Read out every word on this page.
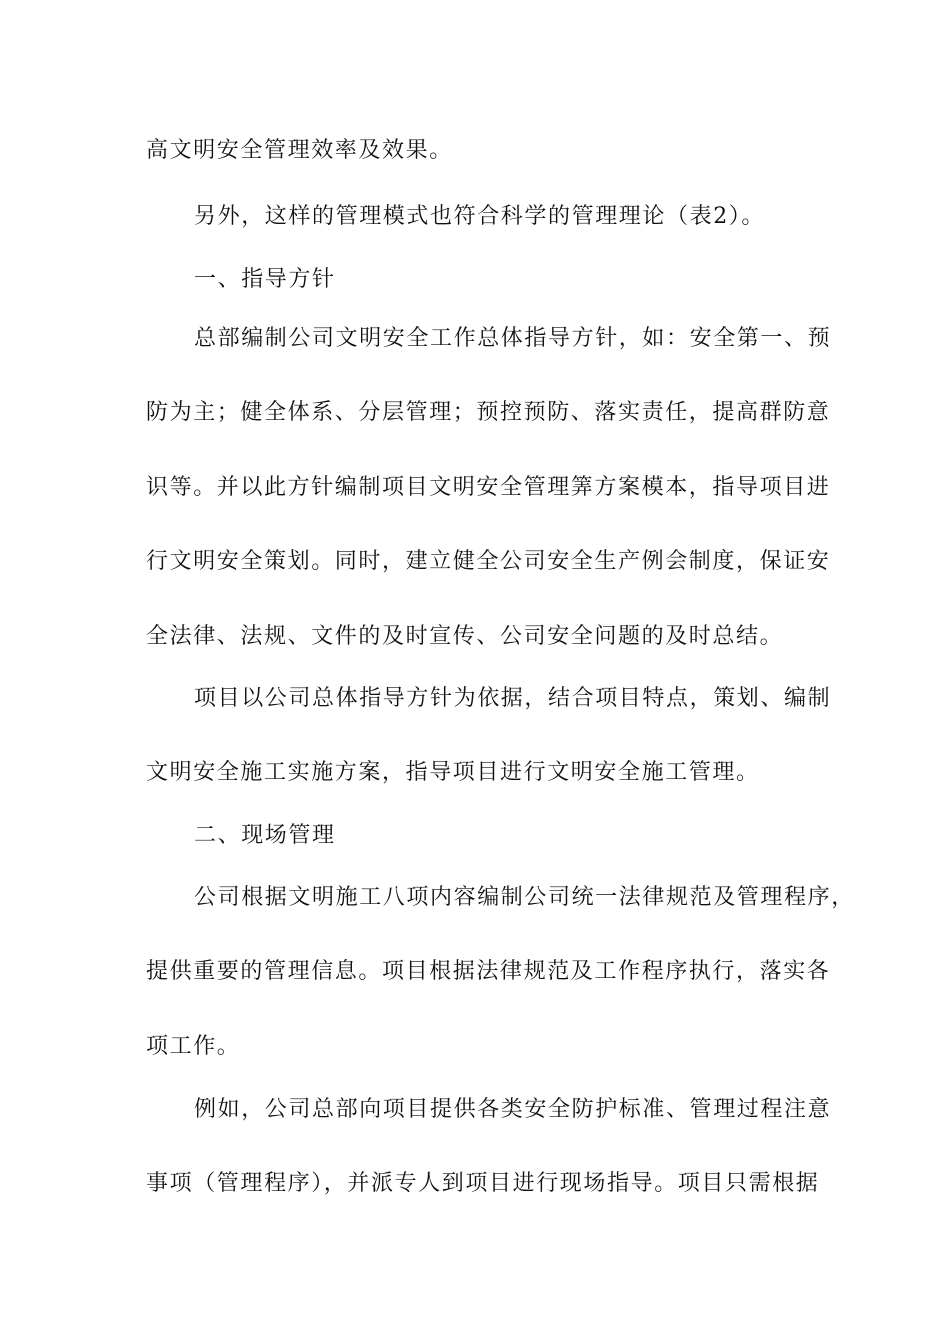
高文明安全管理效率及效果。
另外，这样的管理模式也符合科学的管理理论（表2）。
一、指导方针
总部编制公司文明安全工作总体指导方针，如：安全第一、预
防为主；健全体系、分层管理；预控预防、落实责任，提高群防意
识等。并以此方针编制项目文明安全管理筭方案模本，指导项目进
行文明安全策划。同时，建立健全公司安全生产例会制度，保证安
全法律、法规、文件的及时宣传、公司安全问题的及时总结。
项目以公司总体指导方针为依据，结合项目特点，策划、编制
文明安全施工实施方案，指导项目进行文明安全施工管理。
二、现场管理
公司根据文明施工八项内容编制公司统一法律规范及管理程序，
提供重要的管理信息。项目根据法律规范及工作程序执行，落实各
项工作。
例如，公司总部向项目提供各类安全防护标准、管理过程注意
事项（管理程序），并派专人到项目进行现场指导。项目只需根据
